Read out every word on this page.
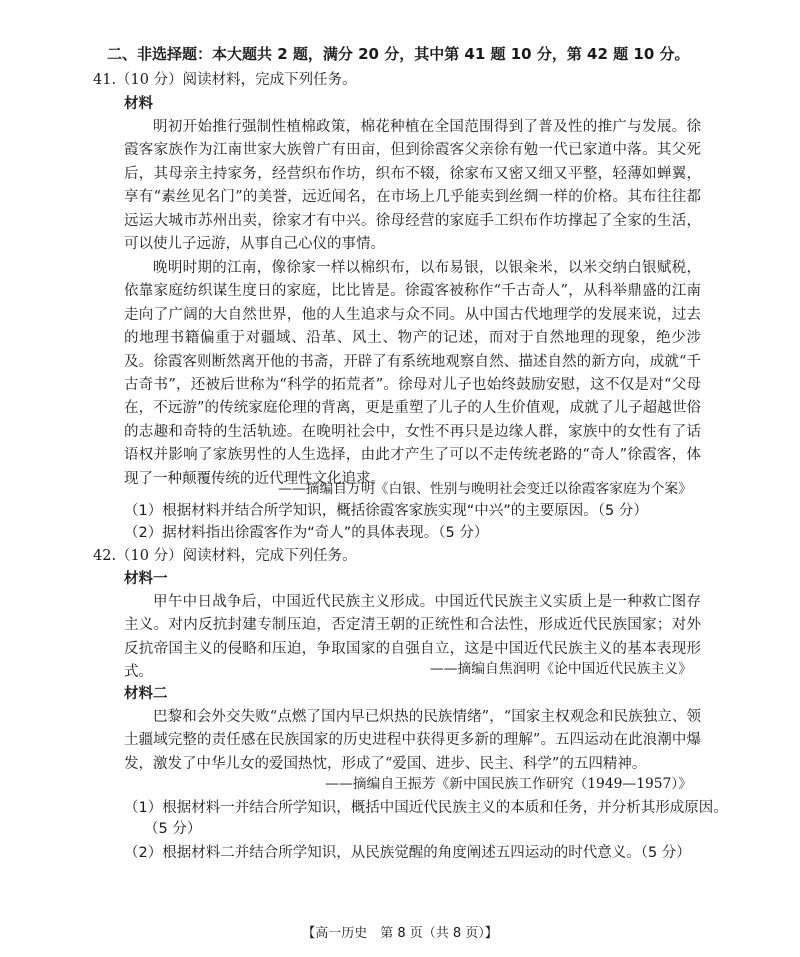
二、非选择题：本大题共 2 题，满分 20 分，其中第 41 题 10 分，第 42 题 10 分。
41.（10 分）阅读材料，完成下列任务。
材料
明初开始推行强制性植棉政策，棉花种植在全国范围得到了普及性的推广与发展。徐霞客家族作为江南世家大族曾广有田亩，但到徐霞客父亲徐有勉一代已家道中落。其父死后，其母亲主持家务，经营织布作坊，织布不辍，徐家布又密又细又平整，轻薄如蝉翼，享有“素丝见名门”的美誉，远近闻名，在市场上几乎能卖到丝绸一样的价格。其布往往都远运大城市苏州出卖，徐家才有中兴。徐母经营的家庭手工织布作坊撑起了全家的生活，可以使儿子远游，从事自己心仪的事情。
晚明时期的江南，像徐家一样以棉织布，以布易银，以银籴米，以米交纳白银赋税，依靠家庭纺织谋生度日的家庭，比比皆是。徐霞客被称作“千古奇人”，从科举鼎盛的江南走向了广阔的大自然世界，他的人生追求与众不同。从中国古代地理学的发展来说，过去的地理书籍偏重于对疆域、沿革、风土、物产的记述，而对于自然地理的现象，绝少涉及。徐霞客则断然离开他的书斋，开辟了有系统地观察自然、描述自然的新方向，成就“千古奇书”，还被后世称为“科学的拓荒者”。徐母对儿子也始终鼓励安慰，这不仅是对“父母在，不远游”的传统家庭伦理的背离，更是重塑了儿子的人生价值观，成就了儿子超越世俗的志趣和奇特的生活轨迹。在晚明社会中，女性不再只是边缘人群，家族中的女性有了话语权并影响了家族男性的人生选择，由此才产生了可以不走传统老路的“奇人”徐霞客，体现了一种颠覆传统的近代理性文化追求。
——摘编自万明《白银、性别与晚明社会变迁以徐霞客家庭为个案》
（1）根据材料并结合所学知识，概括徐霞客家族实现“中兴”的主要原因。（5 分）
（2）据材料指出徐霞客作为“奇人”的具体表现。（5 分）
42.（10 分）阅读材料，完成下列任务。
材料一
甲午中日战争后，中国近代民族主义形成。中国近代民族主义实质上是一种救亡图存主义。对内反抗封建专制压迫，否定清王朝的正统性和合法性，形成近代民族国家；对外反抗帝国主义的侵略和压迫，争取国家的自强自立，这是中国近代民族主义的基本表现形式。	——摘编自焦润明《论中国近代民族主义》
材料二
巴黎和会外交失败“点燃了国内早已炽热的民族情绪”，“国家主权观念和民族独立、领土疆域完整的责任感在民族国家的历史进程中获得更多新的理解”。五四运动在此浪潮中爆发，激发了中华儿女的爱国热忱，形成了“爱国、进步、民主、科学”的五四精神。
——摘编自王振芳《新中国民族工作研究（1949—1957）》
（1）根据材料一并结合所学知识，概括中国近代民族主义的本质和任务，并分析其形成原因。
（5 分）
（2）根据材料二并结合所学知识，从民族觉醒的角度阐述五四运动的时代意义。（5 分）
【高一历史　第 8 页（共 8 页）】
